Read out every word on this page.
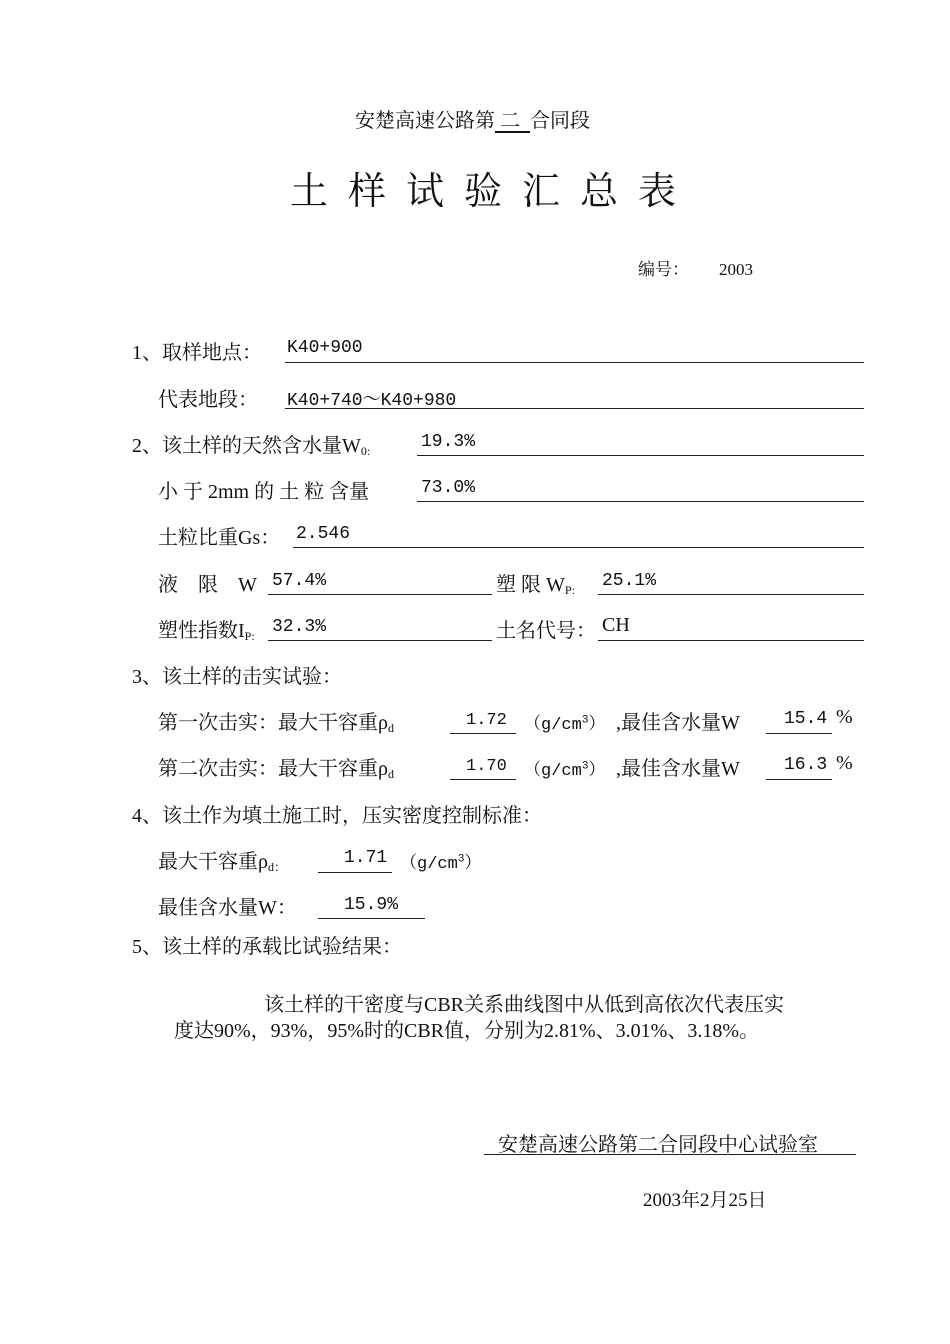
安楚高速公路第 二 合同段
土样试验汇总表
编号： 2003
1、取样地点： K40+900
代表地段： K40+740～K40+980
2、该土样的天然含水量$W_{0:}$	19.3%
小 于 2mm 的 土 粒 含量	73.0%
土粒比重Gs： 2.546
液　限　W 57.4%	塑 限 $W_{P:}$ 25.1%
塑性指数$I_{P:}$ 32.3%	土名代号： CH
3、该土样的击实试验：
第一次击实：最大干容重$\rho_d$	1.72 $(g/cm^3)$ ,最佳含水量W 15.4 %
第二次击实：最大干容重$\rho_d$	1.70 $(g/cm^3)$ ,最佳含水量W 16.3 %
4、该土作为填土施工时，压实密度控制标准：
最大干容重$\rho_{d:}$	1.71 $(g/cm^3)$
最佳含水量W：	15.9%
5、该土样的承载比试验结果：
该土样的干密度与CBR关系曲线图中从低到高依次代表压实
度达90%，93%，95%时的CBR值，分别为2.81%、3.01%、3.18%。
安楚高速公路第二合同段中心试验室
2003年2月25日
